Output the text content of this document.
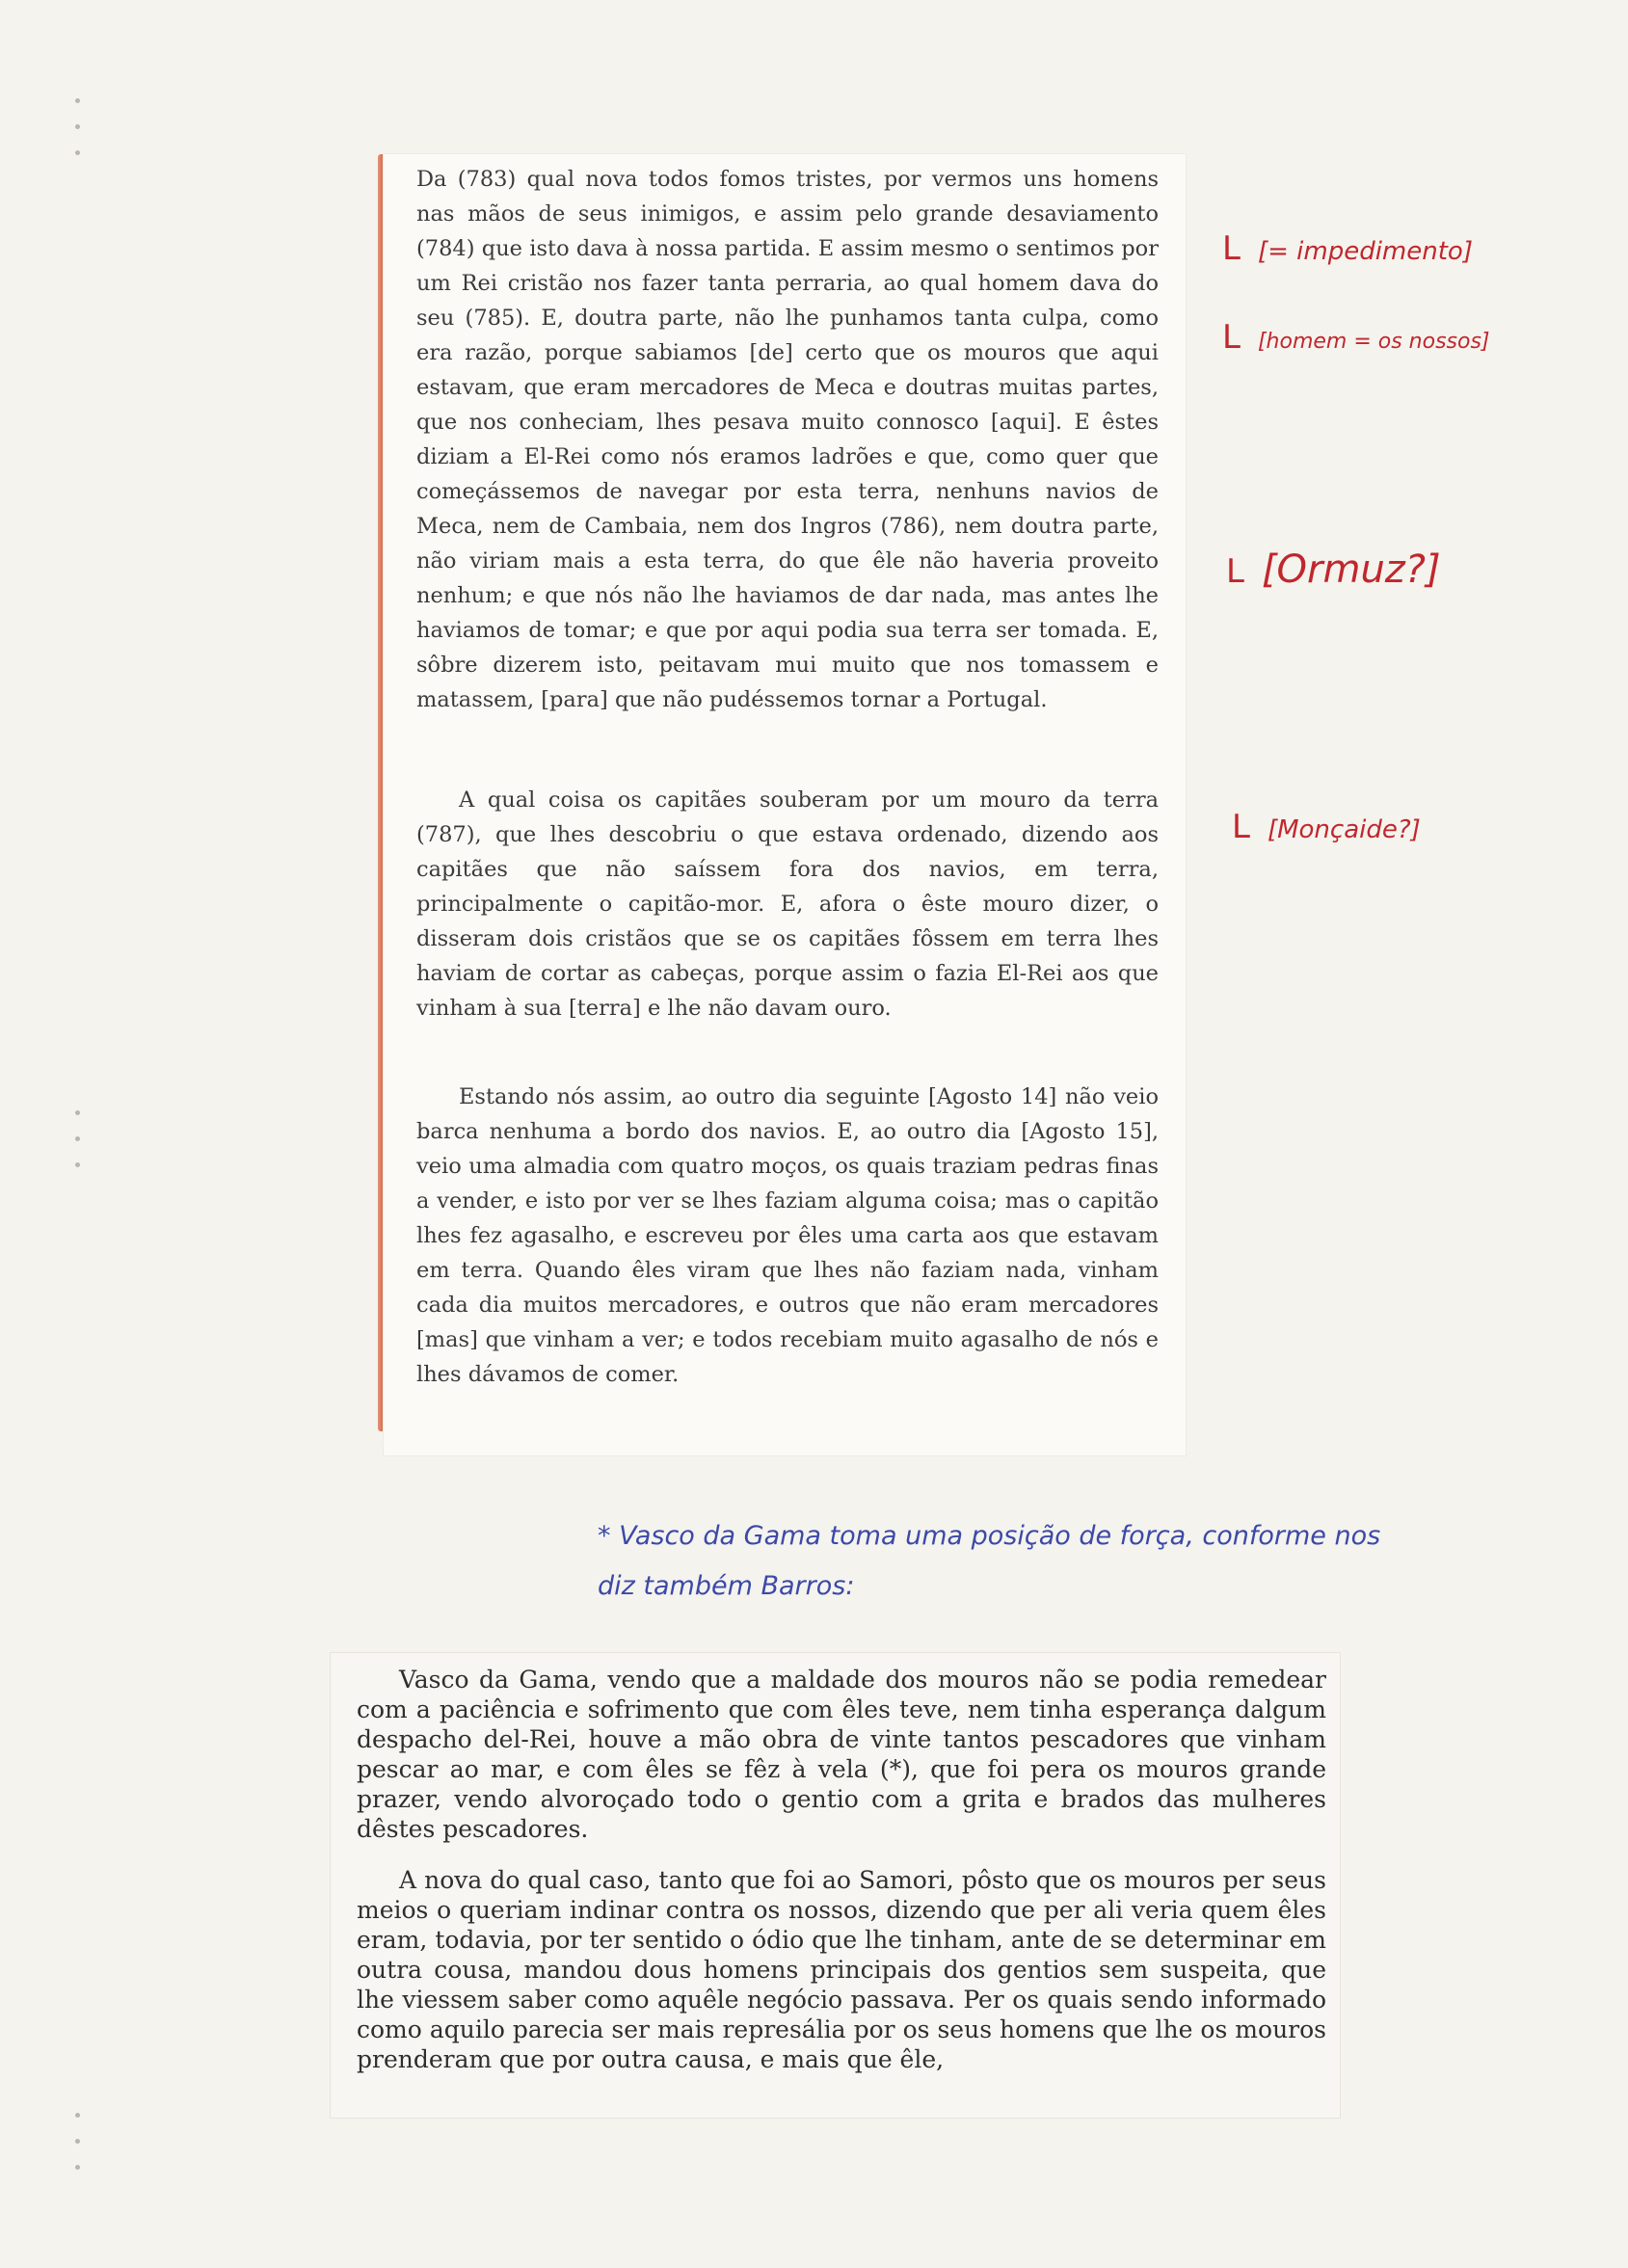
Da (783) qual nova todos fomos tristes, por vermos uns homens nas mãos de seus inimigos, e assim pelo grande desaviamento (784) que isto dava à nossa partida. E assim mesmo o sentimos por um Rei cristão nos fazer tanta perraria, ao qual homem dava do seu (785). E, doutra parte, não lhe punhamos tanta culpa, como era razão, porque sabiamos [de] certo que os mouros que aqui estavam, que eram mercadores de Meca e doutras muitas partes, que nos conheciam, lhes pesava muito connosco [aqui]. E êstes diziam a El-Rei como nós eramos ladrões e que, como quer que começássemos de navegar por esta terra, nenhuns navios de Meca, nem de Cambaia, nem dos Ingros (786), nem doutra parte, não viriam mais a esta terra, do que êle não haveria proveito nenhum; e que nós não lhe haviamos de dar nada, mas antes lhe haviamos de tomar; e que por aqui podia sua terra ser tomada. E, sôbre dizerem isto, peitavam mui muito que nos tomassem e matassem, [para] que não pudéssemos tornar a Portugal.

A qual coisa os capitães souberam por um mouro da terra (787), que lhes descobriu o que estava ordenado, dizendo aos capitães que não saíssem fora dos navios, em terra, principalmente o capitão-mor. E, afora o êste mouro dizer, o disseram dois cristãos que se os capitães fôssem em terra lhes haviam de cortar as cabeças, porque assim o fazia El-Rei aos que vinham à sua [terra] e lhe não davam ouro.

Estando nós assim, ao outro dia seguinte [Agosto 14] não veio barca nenhuma a bordo dos navios. E, ao outro dia [Agosto 15], veio uma almadia com quatro moços, os quais traziam pedras finas a vender, e isto por ver se lhes faziam alguma coisa; mas o capitão lhes fez agasalho, e escreveu por êles uma carta aos que estavam em terra. Quando êles viram que lhes não faziam nada, vinham cada dia muitos mercadores, e outros que não eram mercadores [mas] que vinham a ver; e todos recebiam muito agasalho de nós e lhes dávamos de comer.

L [= impedimento]
L [homem = os nossos]
L [Ormuz?]
L [Monçaide?]
* Vasco da Gama toma uma posição de força, conforme nos diz também Barros:

Vasco da Gama, vendo que a maldade dos mouros não se podia remedear com a paciência e sofrimento que com êles teve, nem tinha esperança dalgum despacho del-Rei, houve a mão obra de vinte tantos pescadores que vinham pescar ao mar, e com êles se fêz à vela (*), que foi pera os mouros grande prazer, vendo alvoroçado todo o gentio com a grita e brados das mulheres dêstes pescadores.

A nova do qual caso, tanto que foi ao Samori, pôsto que os mouros per seus meios o queriam indinar contra os nossos, dizendo que per ali veria quem êles eram, todavia, por ter sentido o ódio que lhe tinham, ante de se determinar em outra cousa, mandou dous homens principais dos gentios sem suspeita, que lhe viessem saber como aquêle negócio passava. Per os quais sendo informado como aquilo parecia ser mais represália por os seus homens que lhe os mouros prenderam que por outra causa, e mais que êle,
